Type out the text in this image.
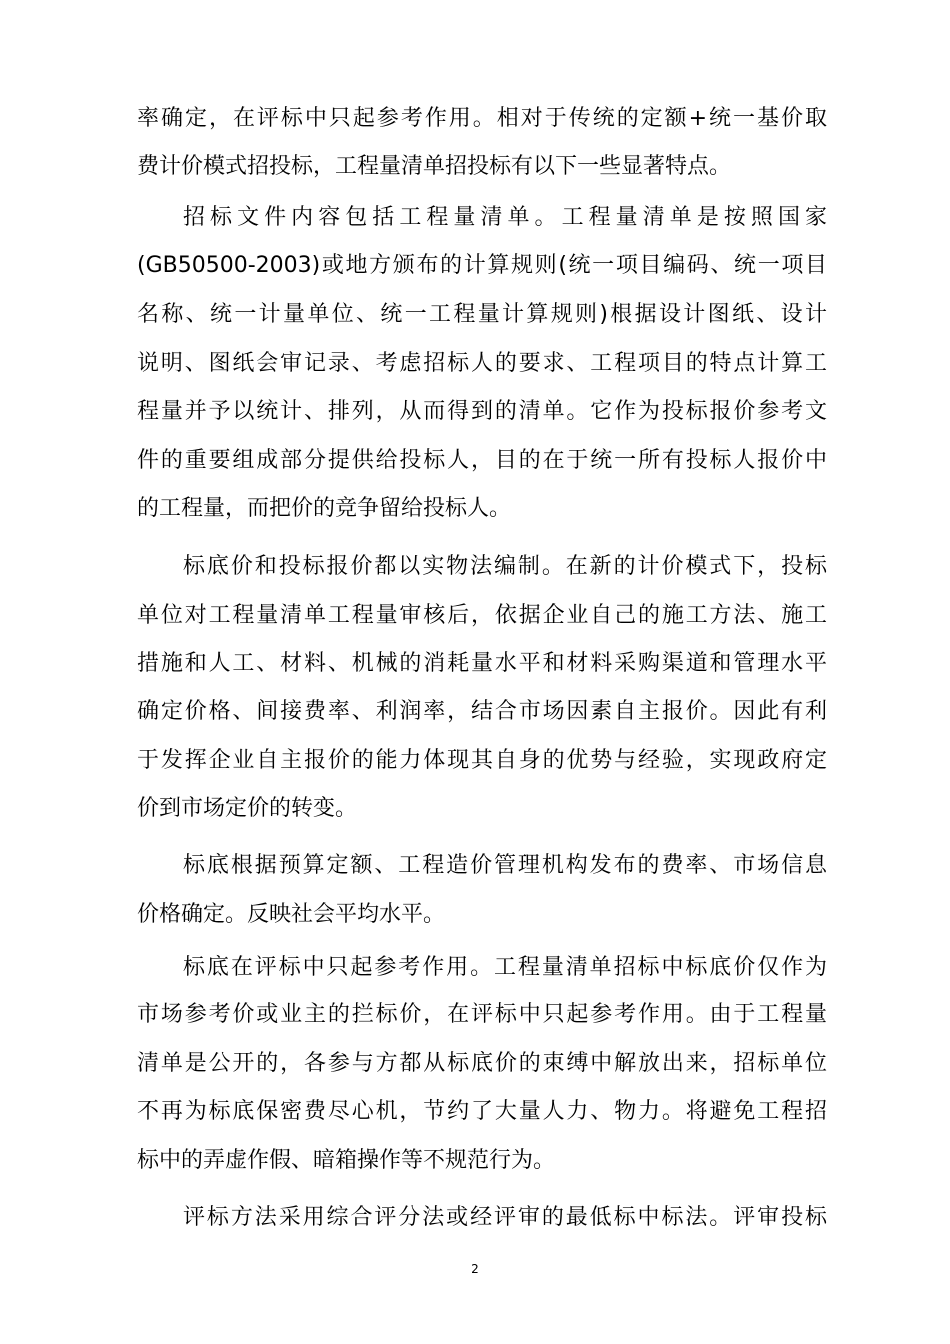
率确定，在评标中只起参考作用。相对于传统的定额+统一基价取
费计价模式招投标，工程量清单招投标有以下一些显著特点。
招标文件内容包括工程量清单。工程量清单是按照国家
(GB50500-2003)或地方颁布的计算规则(统一项目编码、统一项目
名称、统一计量单位、统一工程量计算规则)根据设计图纸、设计
说明、图纸会审记录、考虑招标人的要求、工程项目的特点计算工
程量并予以统计、排列，从而得到的清单。它作为投标报价参考文
件的重要组成部分提供给投标人，目的在于统一所有投标人报价中
的工程量，而把价的竞争留给投标人。
标底价和投标报价都以实物法编制。在新的计价模式下，投标
单位对工程量清单工程量审核后，依据企业自己的施工方法、施工
措施和人工、材料、机械的消耗量水平和材料采购渠道和管理水平
确定价格、间接费率、利润率，结合市场因素自主报价。因此有利
于发挥企业自主报价的能力体现其自身的优势与经验，实现政府定
价到市场定价的转变。
标底根据预算定额、工程造价管理机构发布的费率、市场信息
价格确定。反映社会平均水平。
标底在评标中只起参考作用。工程量清单招标中标底价仅作为
市场参考价或业主的拦标价，在评标中只起参考作用。由于工程量
清单是公开的，各参与方都从标底价的束缚中解放出来，招标单位
不再为标底保密费尽心机，节约了大量人力、物力。将避免工程招
标中的弄虚作假、暗箱操作等不规范行为。
评标方法采用综合评分法或经评审的最低标中标法。评审投标
2
